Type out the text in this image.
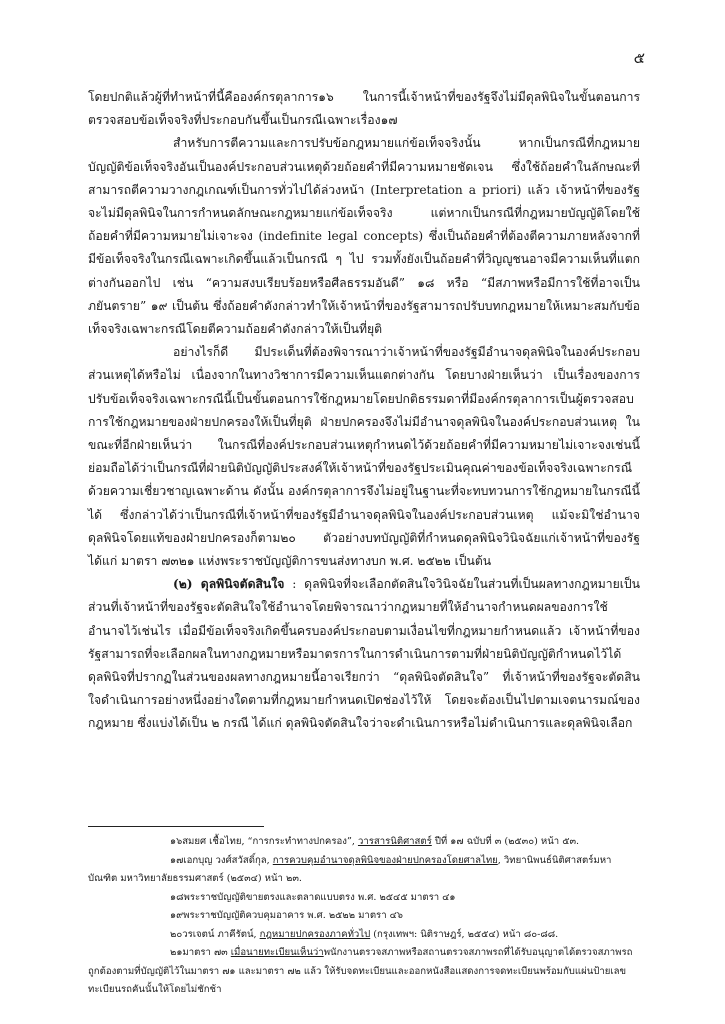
๕

โดยปกติแล้วผู้ที่ทำหน้าที่นี้คือองค์กรตุลาการ๑๖ ในการนี้เจ้าหน้าที่ของรัฐจึงไม่มีดุลพินิจในขั้นตอนการตรวจสอบข้อเท็จจริงที่ประกอบกันขึ้นเป็นกรณีเฉพาะเรื่อง๑๗

สำหรับการตีความและการปรับข้อกฎหมายแก่ข้อเท็จจริงนั้น หากเป็นกรณีที่กฎหมายบัญญัติข้อเท็จจริงอันเป็นองค์ประกอบส่วนเหตุด้วยถ้อยคำที่มีความหมายชัดเจน ซึ่งใช้ถ้อยคำในลักษณะที่สามารถตีความวางกฎเกณฑ์เป็นการทั่วไปได้ล่วงหน้า (Interpretation a priori) แล้ว เจ้าหน้าที่ของรัฐจะไม่มีดุลพินิจในการกำหนดลักษณะกฎหมายแก่ข้อเท็จจริง แต่หากเป็นกรณีที่กฎหมายบัญญัติโดยใช้ถ้อยคำที่มีความหมายไม่เจาะจง (indefinite legal concepts) ซึ่งเป็นถ้อยคำที่ต้องตีความภายหลังจากที่มีข้อเท็จจริงในกรณีเฉพาะเกิดขึ้นแล้วเป็นกรณี ๆ ไป รวมทั้งยังเป็นถ้อยคำที่วิญญูชนอาจมีความเห็นที่แตกต่างกันออกไป เช่น “ความสงบเรียบร้อยหรือศีลธรรมอันดี” ๑๘ หรือ “มีสภาพหรือมีการใช้ที่อาจเป็นภยันตราย” ๑๙ เป็นต้น ซึ่งถ้อยคำดังกล่าวทำให้เจ้าหน้าที่ของรัฐสามารถปรับบทกฎหมายให้เหมาะสมกับข้อเท็จจริงเฉพาะกรณีโดยตีความถ้อยคำดังกล่าวให้เป็นที่ยุติ

อย่างไรก็ดี มีประเด็นที่ต้องพิจารณาว่าเจ้าหน้าที่ของรัฐมีอำนาจดุลพินิจในองค์ประกอบส่วนเหตุได้หรือไม่ เนื่องจากในทางวิชาการมีความเห็นแตกต่างกัน โดยบางฝ่ายเห็นว่า เป็นเรื่องของการปรับข้อเท็จจริงเฉพาะกรณีนี้เป็นขั้นตอนการใช้กฎหมายโดยปกติธรรมดาที่มีองค์กรตุลาการเป็นผู้ตรวจสอบการใช้กฎหมายของฝ่ายปกครองให้เป็นที่ยุติ ฝ่ายปกครองจึงไม่มีอำนาจดุลพินิจในองค์ประกอบส่วนเหตุ ในขณะที่อีกฝ่ายเห็นว่า ในกรณีที่องค์ประกอบส่วนเหตุกำหนดไว้ด้วยถ้อยคำที่มีความหมายไม่เจาะจงเช่นนี้ ย่อมถือได้ว่าเป็นกรณีที่ฝ่ายนิติบัญญัติประสงค์ให้เจ้าหน้าที่ของรัฐประเมินคุณค่าของข้อเท็จจริงเฉพาะกรณีด้วยความเชี่ยวชาญเฉพาะด้าน ดังนั้น องค์กรตุลาการจึงไม่อยู่ในฐานะที่จะทบทวนการใช้กฎหมายในกรณีนี้ได้ ซึ่งกล่าวได้ว่าเป็นกรณีที่เจ้าหน้าที่ของรัฐมีอำนาจดุลพินิจในองค์ประกอบส่วนเหตุ แม้จะมิใช่อำนาจดุลพินิจโดยแท้ของฝ่ายปกครองก็ตาม๒๐ ตัวอย่างบทบัญญัติที่กำหนดดุลพินิจวินิจฉัยแก่เจ้าหน้าที่ของรัฐ ได้แก่ มาตรา ๗๓๒๑ แห่งพระราชบัญญัติการขนส่งทางบก พ.ศ. ๒๕๒๒ เป็นต้น

(๒) ดุลพินิจตัดสินใจ : ดุลพินิจที่จะเลือกตัดสินใจวินิจฉัยในส่วนที่เป็นผลทางกฎหมายเป็นส่วนที่เจ้าหน้าที่ของรัฐจะตัดสินใจใช้อำนาจโดยพิจารณาว่ากฎหมายที่ให้อำนาจกำหนดผลของการใช้อำนาจไว้เช่นไร เมื่อมีข้อเท็จจริงเกิดขึ้นครบองค์ประกอบตามเงื่อนไขที่กฎหมายกำหนดแล้ว เจ้าหน้าที่ของรัฐสามารถที่จะเลือกผลในทางกฎหมายหรือมาตรการในการดำเนินการตามที่ฝ่ายนิติบัญญัติกำหนดไว้ได้ ดุลพินิจที่ปรากฏในส่วนของผลทางกฎหมายนี้อาจเรียกว่า “ดุลพินิจตัดสินใจ” ที่เจ้าหน้าที่ของรัฐจะตัดสินใจดำเนินการอย่างหนึ่งอย่างใดตามที่กฎหมายกำหนดเปิดช่องไว้ให้ โดยจะต้องเป็นไปตามเจตนารมณ์ของกฎหมาย ซึ่งแบ่งได้เป็น ๒ กรณี ได้แก่ ดุลพินิจตัดสินใจว่าจะดำเนินการหรือไม่ดำเนินการและดุลพินิจเลือก

๑๖สมยศ เชื้อไทย, “การกระทำทางปกครอง”, วารสารนิติศาสตร์ ปีที่ ๑๗ ฉบับที่ ๓ (๒๕๓๐) หน้า ๕๓.

๑๗เอกบุญ วงศ์สวัสดิ์กุล, การควบคุมอำนาจดุลพินิจของฝ่ายปกครองโดยศาลไทย, วิทยานิพนธ์นิติศาสตร์มหาบัณฑิต มหาวิทยาลัยธรรมศาสตร์ (๒๕๓๔) หน้า ๒๓.

๑๘พระราชบัญญัติขายตรงและตลาดแบบตรง พ.ศ. ๒๕๔๕ มาตรา ๔๑

๑๙พระราชบัญญัติควบคุมอาคาร พ.ศ. ๒๕๒๒ มาตรา ๔๖

๒๐วรเจตน์ ภาคีรัตน์, กฎหมายปกครองภาคทั่วไป (กรุงเทพฯ: นิติราษฎร์, ๒๕๕๔) หน้า ๘๐-๘๘.

๒๑มาตรา ๗๓ เมื่อนายทะเบียนเห็นว่าพนักงานตรวจสภาพหรือสถานตรวจสภาพรถที่ได้รับอนุญาตได้ตรวจสภาพรถถูกต้องตามที่บัญญัติไว้ในมาตรา ๗๑ และมาตรา ๗๒ แล้ว ให้รับจดทะเบียนและออกหนังสือแสดงการจดทะเบียนพร้อมกับแผ่นป้ายเลขทะเบียนรถคันนั้นให้โดยไม่ชักช้า
